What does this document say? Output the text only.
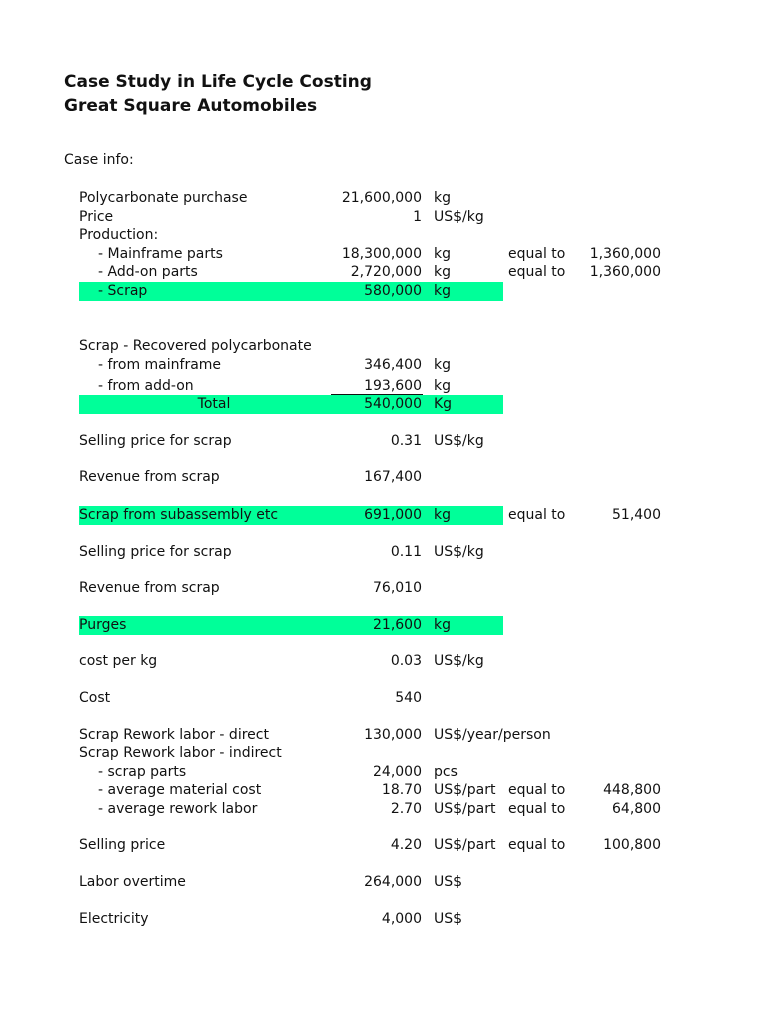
Case Study in Life Cycle Costing
Great Square Automobiles
Case info:
Polycarbonate purchase	21,600,000 kg
Price	1 US$/kg
Production:
- Mainframe parts	18,300,000 kg	equal to 1,360,000
- Add-on parts	2,720,000 kg	equal to 1,360,000
- Scrap	580,000 kg
Scrap - Recovered polycarbonate
- from mainframe	346,400 kg
- from add-on	193,600 kg
Total	540,000 Kg
Selling price for scrap	0.31 US$/kg
Revenue from scrap	167,400
Scrap from subassembly etc	691,000 kg	equal to	51,400
Selling price for scrap	0.11 US$/kg
Revenue from scrap	76,010
Purges	21,600 kg
cost per kg	0.03 US$/kg
Cost	540
Scrap Rework labor - direct	130,000 US$/year/person
Scrap Rework labor - indirect
- scrap parts	24,000 pcs
- average material cost	18.70 US$/part equal to	448,800
- average rework labor	2.70 US$/part equal to	64,800
Selling price	4.20 US$/part equal to	100,800
Labor overtime	264,000 US$
Electricity	4,000 US$
